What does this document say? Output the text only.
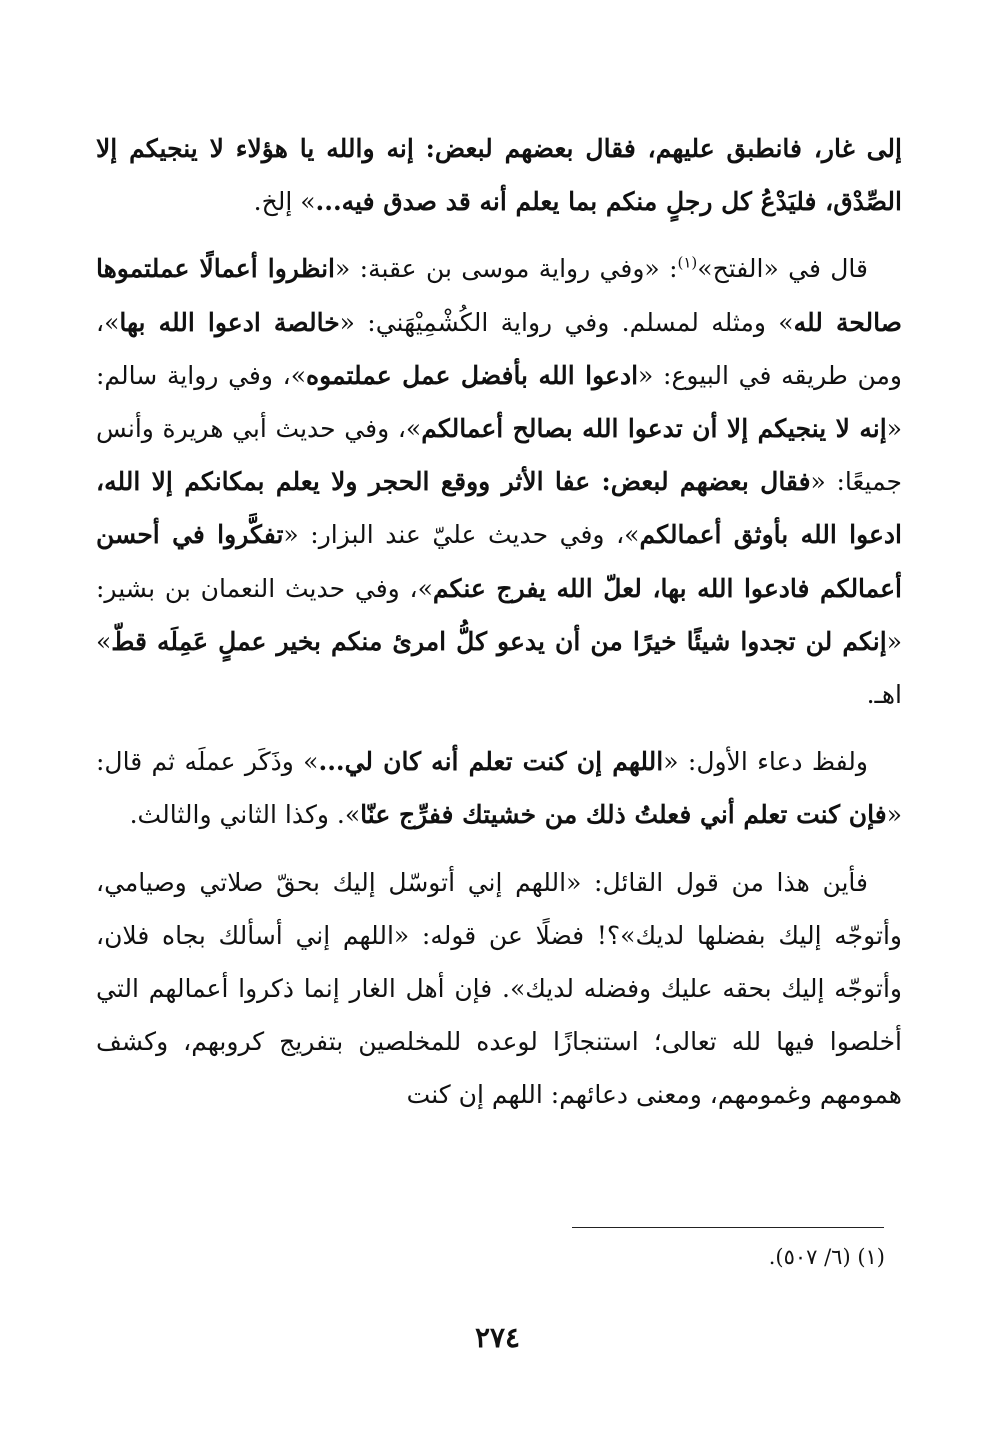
إلى غار، فانطبق عليهم، فقال بعضهم لبعض: إنه والله يا هؤلاء لا ينجيكم إلا الصِّدْق، فليَدْعُ كل رجلٍ منكم بما يعلم أنه قد صدق فيه...» إلخ.

قال في «الفتح»$^{(١)}$: «وفي رواية موسى بن عقبة: «انظروا أعمالًا عملتموها صالحة لله» ومثله لمسلم. وفي رواية الكُشْمِيْهَني: «خالصة ادعوا الله بها»، ومن طريقه في البيوع: «ادعوا الله بأفضل عمل عملتموه»، وفي رواية سالم: «إنه لا ينجيكم إلا أن تدعوا الله بصالح أعمالكم»، وفي حديث أبي هريرة وأنس جميعًا: «فقال بعضهم لبعض: عفا الأثر ووقع الحجر ولا يعلم بمكانكم إلا الله، ادعوا الله بأوثق أعمالكم»، وفي حديث عليّ عند البزار: «تفكَّروا في أحسن أعمالكم فادعوا الله بها، لعلّ الله يفرج عنكم»، وفي حديث النعمان بن بشير: «إنكم لن تجدوا شيئًا خيرًا من أن يدعو كلُّ امرئ منكم بخير عملٍ عَمِلَه قطّ» اهـ.

ولفظ دعاء الأول: «اللهم إن كنت تعلم أنه كان لي...» وذَكَر عملَه ثم قال: «فإن كنت تعلم أني فعلتُ ذلك من خشيتك ففرِّج عنّا». وكذا الثاني والثالث.

فأين هذا من قول القائل: «اللهم إني أتوسّل إليك بحقّ صلاتي وصيامي، وأتوجّه إليك بفضلها لديك»؟! فضلًا عن قوله: «اللهم إني أسألك بجاه فلان، وأتوجّه إليك بحقه عليك وفضله لديك». فإن أهل الغار إنما ذكروا أعمالهم التي أخلصوا فيها لله تعالى؛ استنجازًا لوعده للمخلصين بتفريج كروبهم، وكشف همومهم وغمومهم، ومعنى دعائهم: اللهم إن كنت

(١) (٦/ ٥٠٧).
٢٧٤
